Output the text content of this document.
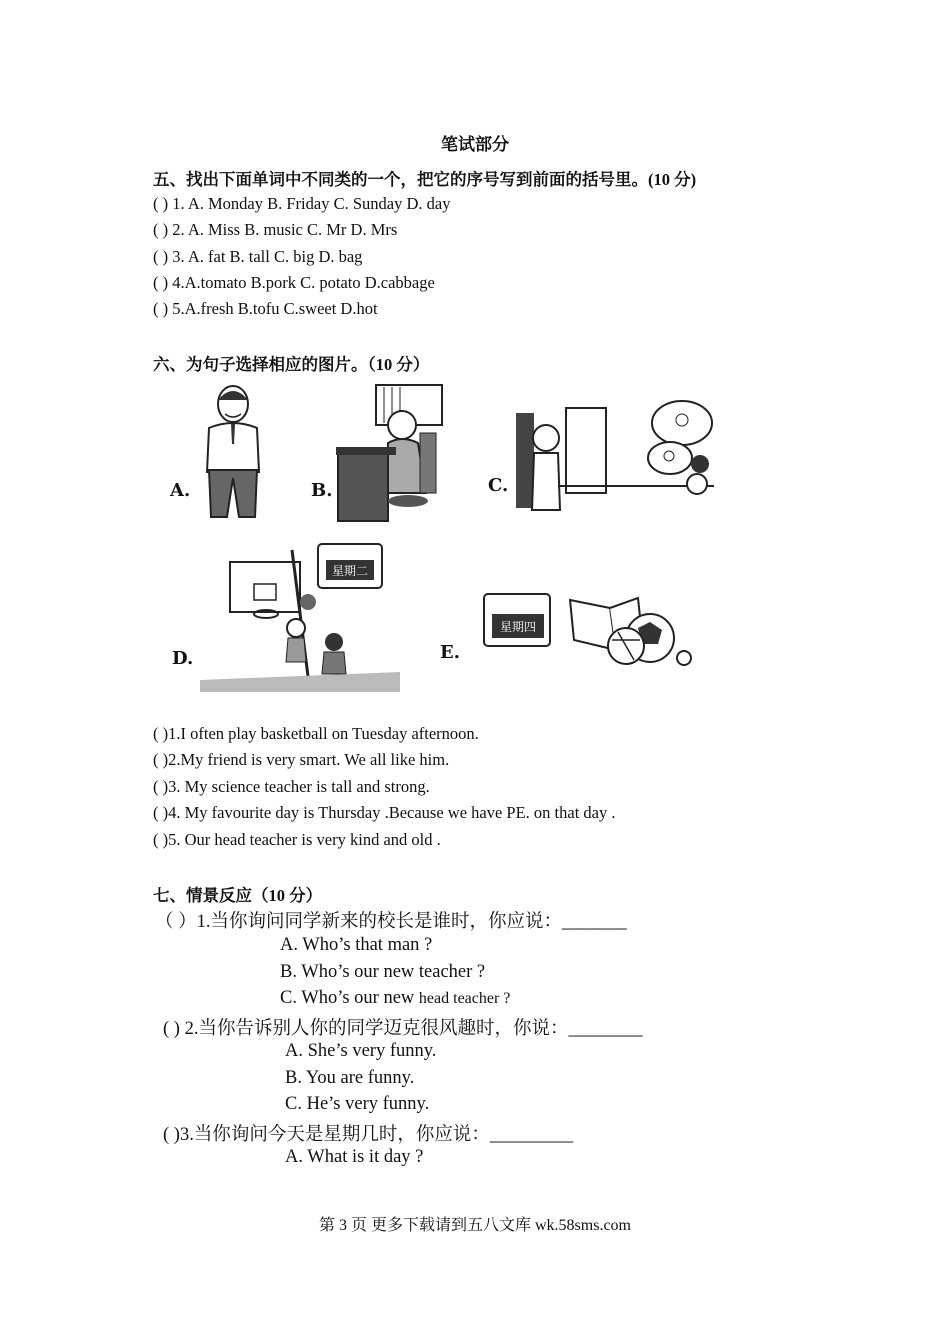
笔试部分
五、找出下面单词中不同类的一个，把它的序号写到前面的括号里。(10 分)
( ) 1. A. Monday B. Friday C. Sunday D. day
( ) 2. A. Miss B. music C. Mr D. Mrs
( ) 3. A. fat B. tall C. big D. bag
( ) 4.A.tomato B.pork C. potato D.cabbage
( ) 5.A.fresh B.tofu C.sweet D.hot
六、为句子选择相应的图片。（10 分）
A.	B.	C.
D.
星期二
E.
星期四
( )1.I often play basketball on Tuesday afternoon.
( )2.My friend is very smart. We all like him.
( )3. My science teacher is tall and strong.
( )4. My favourite day is Thursday .Because we have PE. on that day .
( )5. Our head teacher is very kind and old .
七、情景反应（10 分）
（ ）1.当你询问同学新来的校长是谁时，你应说：_______
A. Who’s that man ?
B. Who’s our new teacher ?
C. Who’s our new head teacher ?
( ) 2.当你告诉别人你的同学迈克很风趣时，你说：________
A. She’s very funny.
B. You are funny.
C. He’s very funny.
( )3.当你询问今天是星期几时，你应说：_________
A. What is it day ?
第 3 页 更多下载请到五八文库 wk.58sms.com
